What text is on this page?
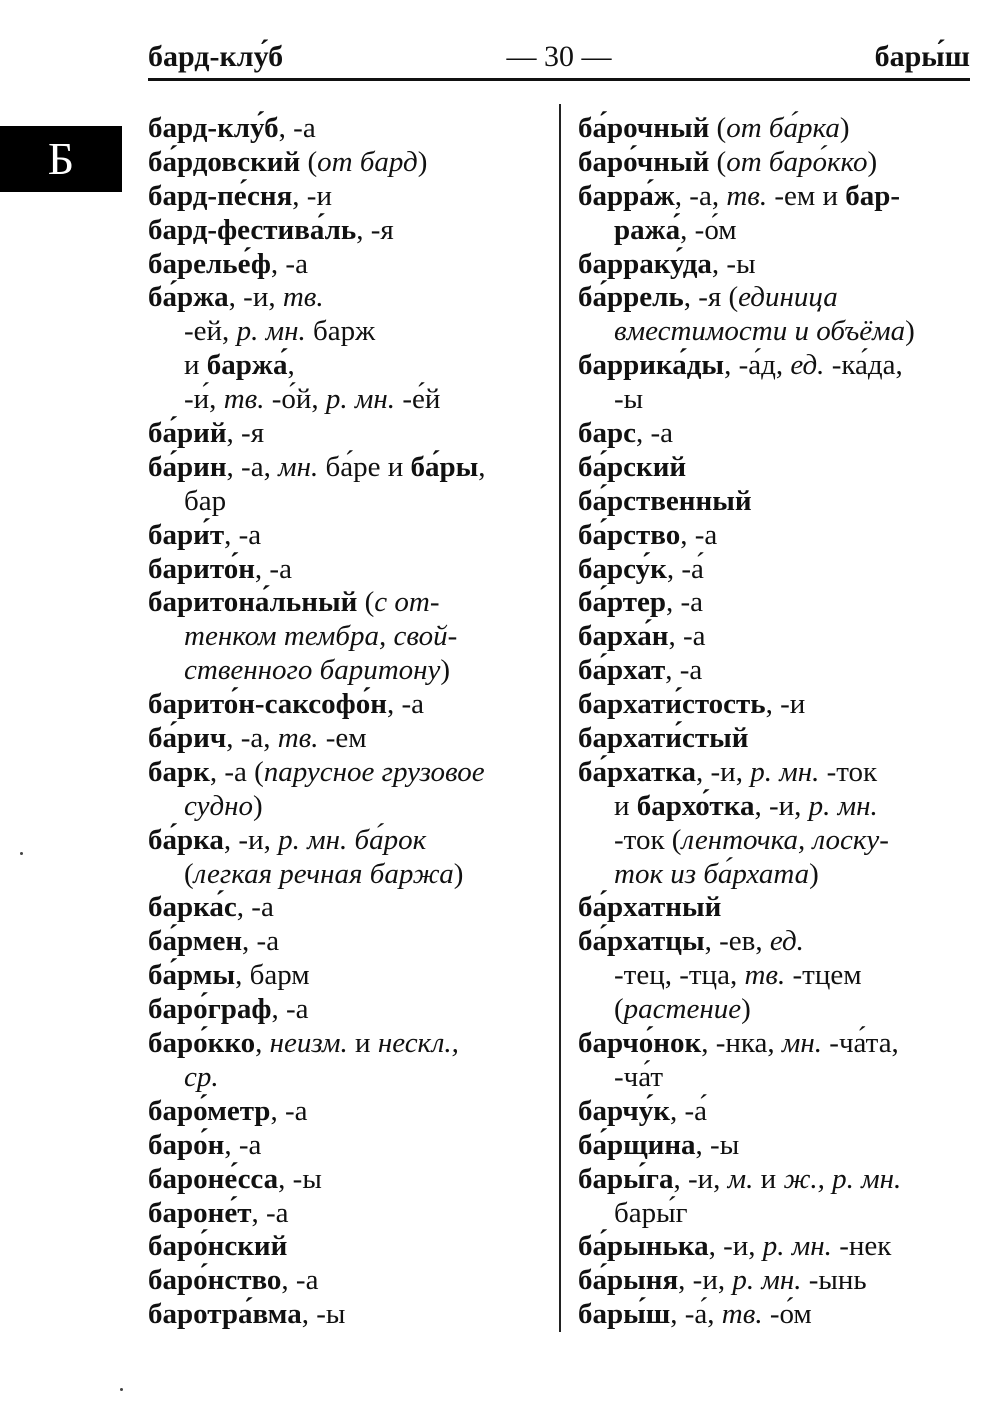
бард-клу́б	— 30 —	бары́ш
Б
бард-клу́б, -а
ба́рдовский (от бард)
бард-пе́сня, -и
бард-фестива́ль, -я
барелье́ф, -а
ба́ржа, -и, тв.
-ей, р. мн. барж
и баржа́,
-и́, тв. -о́й, р. мн. -е́й
ба́рий, -я
ба́рин, -а, мн. ба́ре и ба́ры,
бар
бари́т, -а
барито́н, -а
баритона́льный (с от-
тенком тембра, свой-
ственного баритону)
барито́н-саксофо́н, -а
ба́рич, -а, тв. -ем
барк, -а (парусное грузовое
судно)
ба́рка, -и, р. мн. ба́рок
(легкая речная баржа)
барка́с, -а
ба́рмен, -а
ба́рмы, барм
баро́граф, -а
баро́кко, неизм. и нескл.,
ср.
баро́метр, -а
баро́н, -а
бароне́сса, -ы
бароне́т, -а
баро́нский
баро́нство, -а
баротра́вма, -ы
ба́рочный (от ба́рка)
баро́чный (от баро́кко)
барра́ж, -а, тв. -ем и бар-
ража́, -о́м
барраку́да, -ы
ба́ррель, -я (единица
вместимости и объёма)
баррика́ды, -а́д, ед. -ка́да,
-ы
барс, -а
ба́рский
ба́рственный
ба́рство, -а
барсу́к, -а́
ба́ртер, -а
барха́н, -а
ба́рхат, -а
бархати́стость, -и
бархати́стый
ба́рхатка, -и, р. мн. -ток
и бархо́тка, -и, р. мн.
-ток (ленточка, лоску-
ток из ба́рхата)
ба́рхатный
ба́рхатцы, -ев, ед.
-тец, -тца, тв. -тцем
(растение)
барчо́нок, -нка, мн. -ча́та,
-ча́т
барчу́к, -а́
ба́рщина, -ы
бары́га, -и, м. и ж., р. мн.
бары́г
ба́рынька, -и, р. мн. -нек
ба́рыня, -и, р. мн. -ынь
бары́ш, -а́, тв. -о́м
